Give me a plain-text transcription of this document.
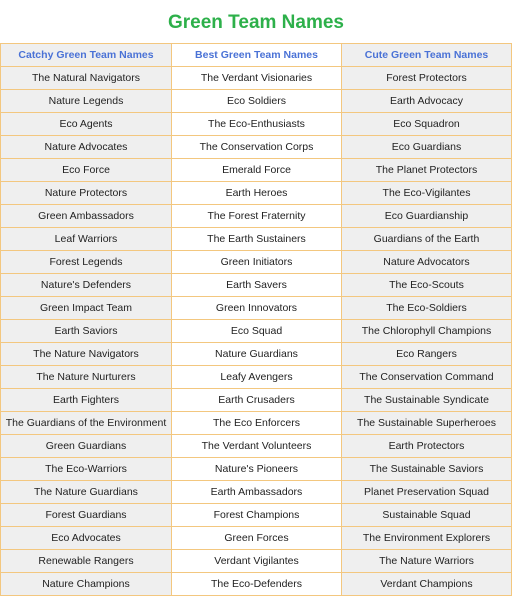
Green Team Names
Catchy Green Team Names	Best Green Team Names	Cute Green Team Names
The Natural Navigators	The Verdant Visionaries	Forest Protectors
Nature Legends	Eco Soldiers	Earth Advocacy
Eco Agents	The Eco-Enthusiasts	Eco Squadron
Nature Advocates	The Conservation Corps	Eco Guardians
Eco Force	Emerald Force	The Planet Protectors
Nature Protectors	Earth Heroes	The Eco-Vigilantes
Green Ambassadors	The Forest Fraternity	Eco Guardianship
Leaf Warriors	The Earth Sustainers	Guardians of the Earth
Forest Legends	Green Initiators	Nature Advocators
Nature's Defenders	Earth Savers	The Eco-Scouts
Green Impact Team	Green Innovators	The Eco-Soldiers
Earth Saviors	Eco Squad	The Chlorophyll Champions
The Nature Navigators	Nature Guardians	Eco Rangers
The Nature Nurturers	Leafy Avengers	The Conservation Command
Earth Fighters	Earth Crusaders	The Sustainable Syndicate
The Guardians of the Environment	The Eco Enforcers	The Sustainable Superheroes
Green Guardians	The Verdant Volunteers	Earth Protectors
The Eco-Warriors	Nature's Pioneers	The Sustainable Saviors
The Nature Guardians	Earth Ambassadors	Planet Preservation Squad
Forest Guardians	Forest Champions	Sustainable Squad
Eco Advocates	Green Forces	The Environment Explorers
Renewable Rangers	Verdant Vigilantes	The Nature Warriors
Nature Champions	The Eco-Defenders	Verdant Champions
